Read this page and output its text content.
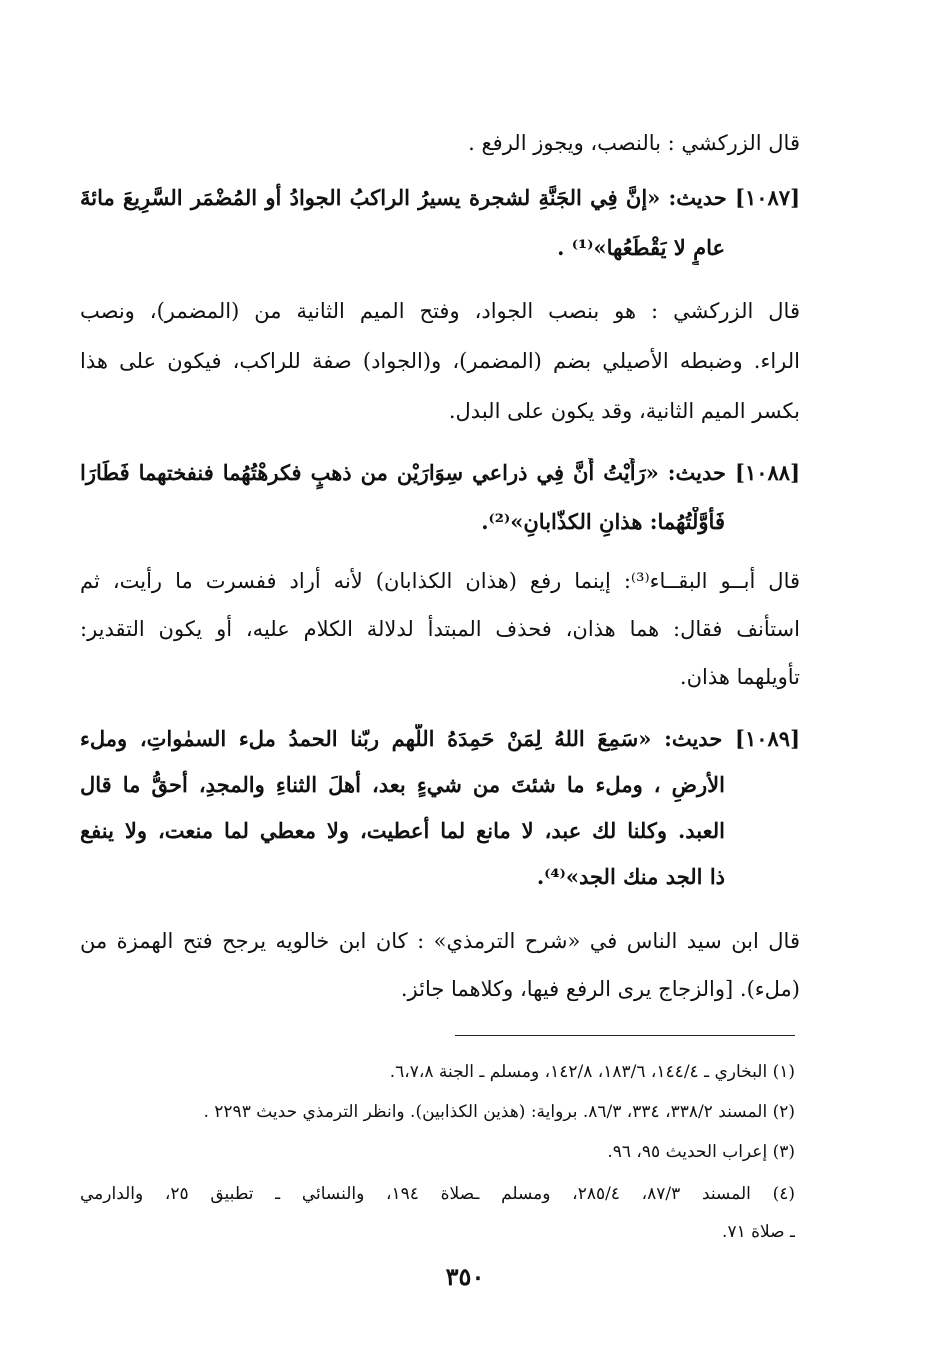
قال الزركشي : بالنصب، ويجوز الرفع .
[١٠٨٧] حديث: «إنَّ فِي الجَنَّةِ لشجرة يسيرُ الراكبُ الجوادُ أو المُضْمَر السَّرِيعَ مائةَ
عامٍ لا يَقْطَعُها»⁽¹⁾ .
قال الزركشي : هو بنصب الجواد، وفتح الميم الثانية من (المضمر)، ونصب
الراء. وضبطه الأصيلي بضم (المضمر)، و(الجواد) صفة للراكب، فيكون على هذا
بكسر الميم الثانية، وقد يكون على البدل.
[١٠٨٨] حديث: «رَأَيْتُ أَنَّ فِي ذراعي سِوَارَيْن من ذهبٍ فكرهْتُهُما فنفختهما فَطَارَا
فَأَوَّلْتُهُما: هذانِ الكذّابانِ»⁽²⁾.
قال أبــو البقــاء⁽³⁾: إينما رفع (هذان الكذابان) لأنه أراد ففسرت ما رأيت، ثم
استأنف فقال: هما هذان، فحذف المبتدأ لدلالة الكلام عليه، أو يكون التقدير:
تأويلهما هذان.
[١٠٨٩] حديث: «سَمِعَ اللهُ لِمَنْ حَمِدَهُ اللّهم ربّنا الحمدُ ملء السمٰواتِ، وملء
الأرضِ ، وملء ما شئتَ من شيءٍ بعد، أهلَ الثناءِ والمجدِ، أحقُّ ما قال
العبد. وكلنا لك عبد، لا مانع لما أعطيت، ولا معطي لما منعت، ولا ينفع
ذا الجد منك الجد»⁽⁴⁾.
قال ابن سيد الناس في «شرح الترمذي» : كان ابن خالويه يرجح فتح الهمزة من
(ملء). [والزجاج يرى الرفع فيها، وكلاهما جائز.
(١) البخاري ـ ١٤٤/٤، ١٨٣/٦، ١٤٢/٨، ومسلم ـ الجنة ٦،٧،٨.
(٢) المسند ٣٣٨/٢، ٣٣٤، ٨٦/٣. برواية: (هذين الكذابين). وانظر الترمذي حديث ٢٢٩٣ .
(٣) إعراب الحديث ٩٥، ٩٦.
(٤) المسند ٨٧/٣، ٢٨٥/٤، ومسلم ـصلاة ١٩٤، والنسائي ـ تطبيق ٢٥، والدارمي
ـ صلاة ٧١.
٣٥٠
